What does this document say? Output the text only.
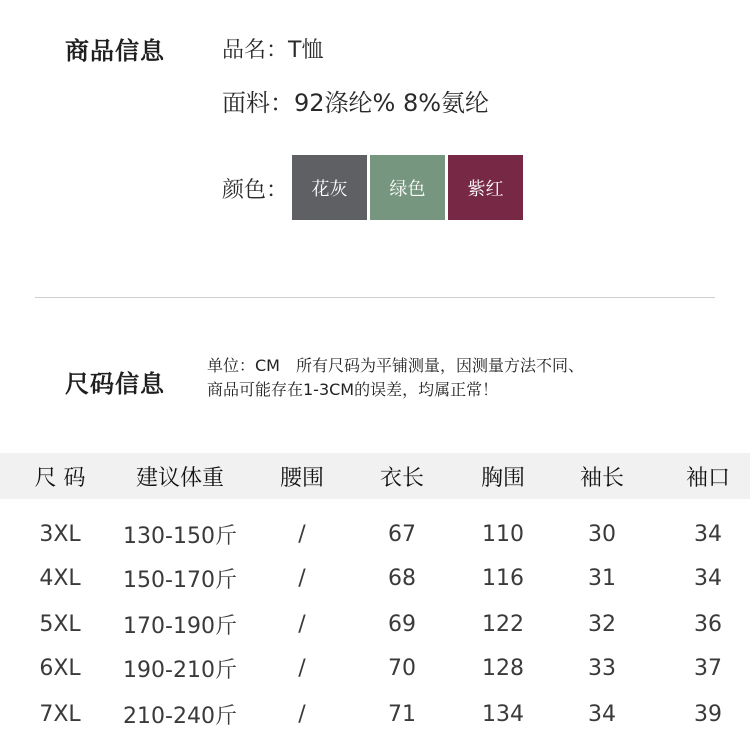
商品信息	品名：T恤
面料：92涤纶% 8%氨纶
颜色： 花灰 绿色 紫红
尺码信息
单位：CM　所有尺码为平铺测量，因测量方法不同、
商品可能存在1-3CM的误差，均属正常！
尺 码	建议体重	腰围	衣长	胸围	袖长	袖口
3XL	130-150斤	/	67	110	30	34
4XL	150-170斤	/	68	116	31	34
5XL	170-190斤	/	69	122	32	36
6XL	190-210斤	/	70	128	33	37
7XL	210-240斤	/	71	134	34	39
